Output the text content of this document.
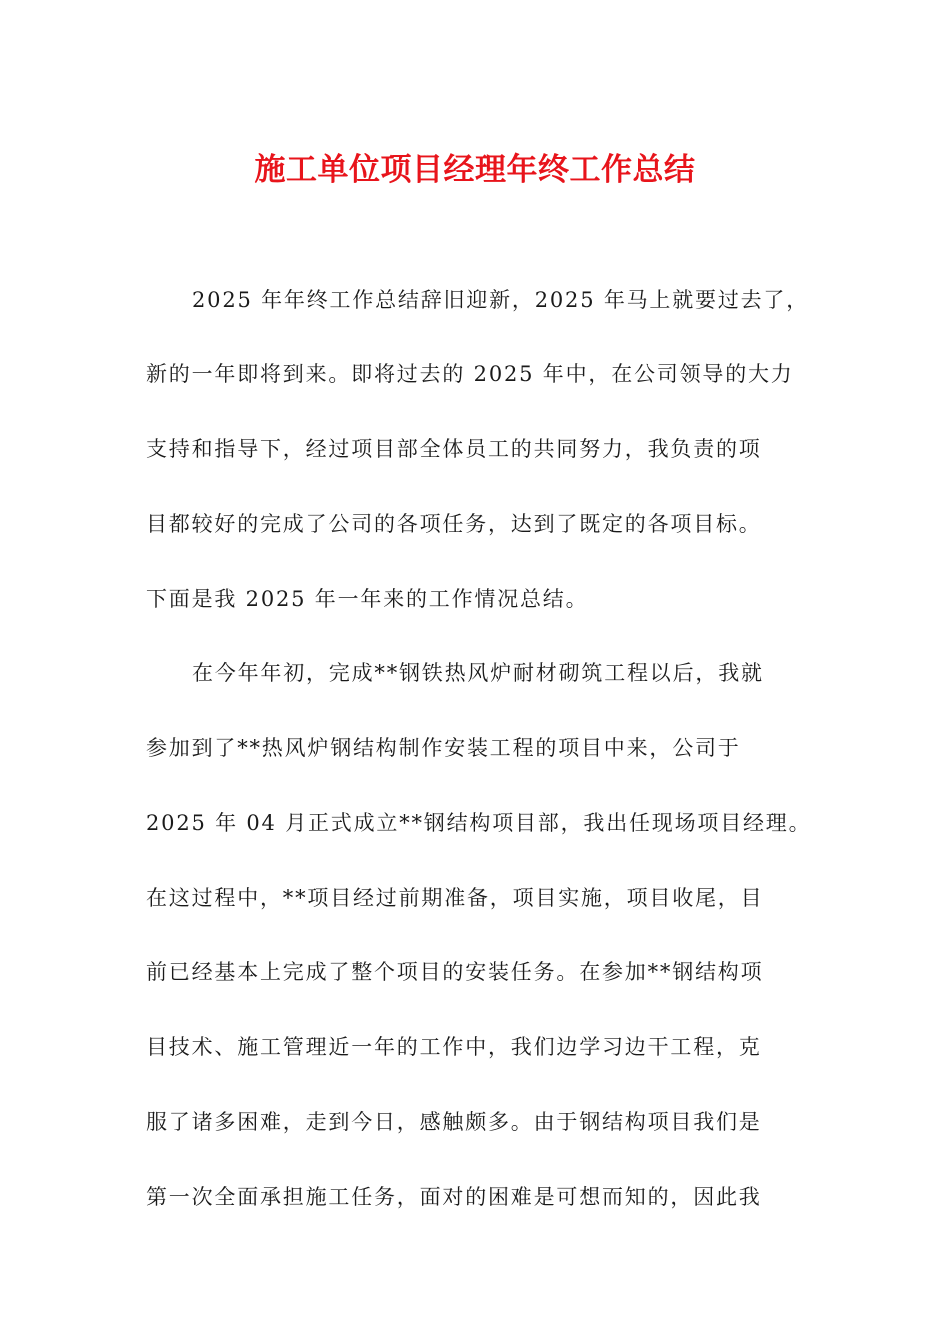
施工单位项目经理年终工作总结
2025 年年终工作总结辞旧迎新，2025 年马上就要过去了，
新的一年即将到来。即将过去的 2025 年中，在公司领导的大力
支持和指导下，经过项目部全体员工的共同努力，我负责的项
目都较好的完成了公司的各项任务，达到了既定的各项目标。
下面是我 2025 年一年来的工作情况总结。
在今年年初，完成**钢铁热风炉耐材砌筑工程以后，我就
参加到了**热风炉钢结构制作安装工程的项目中来，公司于
2025 年 04 月正式成立**钢结构项目部，我出任现场项目经理。
在这过程中，**项目经过前期准备，项目实施，项目收尾，目
前已经基本上完成了整个项目的安装任务。在参加**钢结构项
目技术、施工管理近一年的工作中，我们边学习边干工程，克
服了诸多困难，走到今日，感触颇多。由于钢结构项目我们是
第一次全面承担施工任务，面对的困难是可想而知的，因此我
